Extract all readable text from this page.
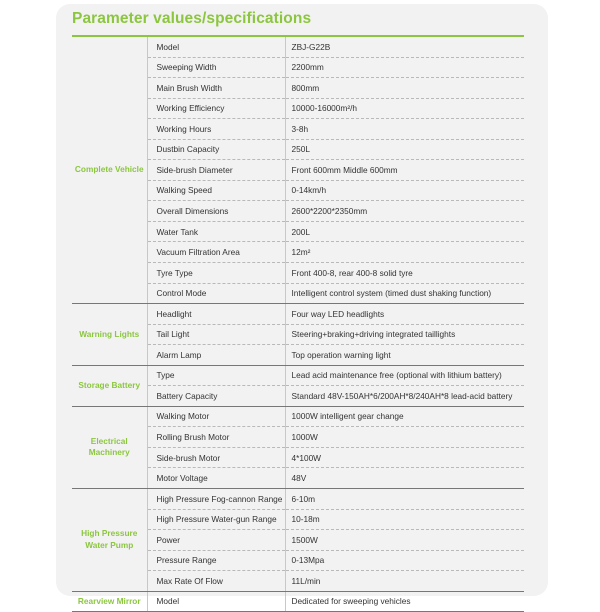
Parameter values/specifications
Complete Vehicle	Model	ZBJ-G22B
	Sweeping Width	2200mm
	Main Brush Width	800mm
	Working Efficiency	10000-16000m²/h
	Working Hours	3-8h
	Dustbin Capacity	250L
	Side-brush Diameter	Front 600mm Middle 600mm
	Walking Speed	0-14km/h
	Overall Dimensions	2600*2200*2350mm
	Water Tank	200L
	Vacuum Filtration Area	12m²
	Tyre Type	Front 400-8, rear 400-8 solid tyre
	Control Mode	Intelligent control system (timed dust shaking function)
Warning Lights	Headlight	Four way LED headlights
	Tail Light	Steering+braking+driving integrated taillights
	Alarm Lamp	Top operation warning light
Storage Battery	Type	Lead acid maintenance free (optional with lithium battery)
	Battery Capacity	Standard 48V-150AH*6/200AH*8/240AH*8 lead-acid battery
Electrical Machinery	Walking Motor	1000W intelligent gear change
	Rolling Brush Motor	1000W
	Side-brush Motor	4*100W
	Motor Voltage	48V
High Pressure Water Pump	High Pressure Fog-cannon Range	6-10m
	High Pressure Water-gun Range	10-18m
	Power	1500W
	Pressure Range	0-13Mpa
	Max Rate Of Flow	11L/min
Rearview Mirror	Model	Dedicated for sweeping vehicles
